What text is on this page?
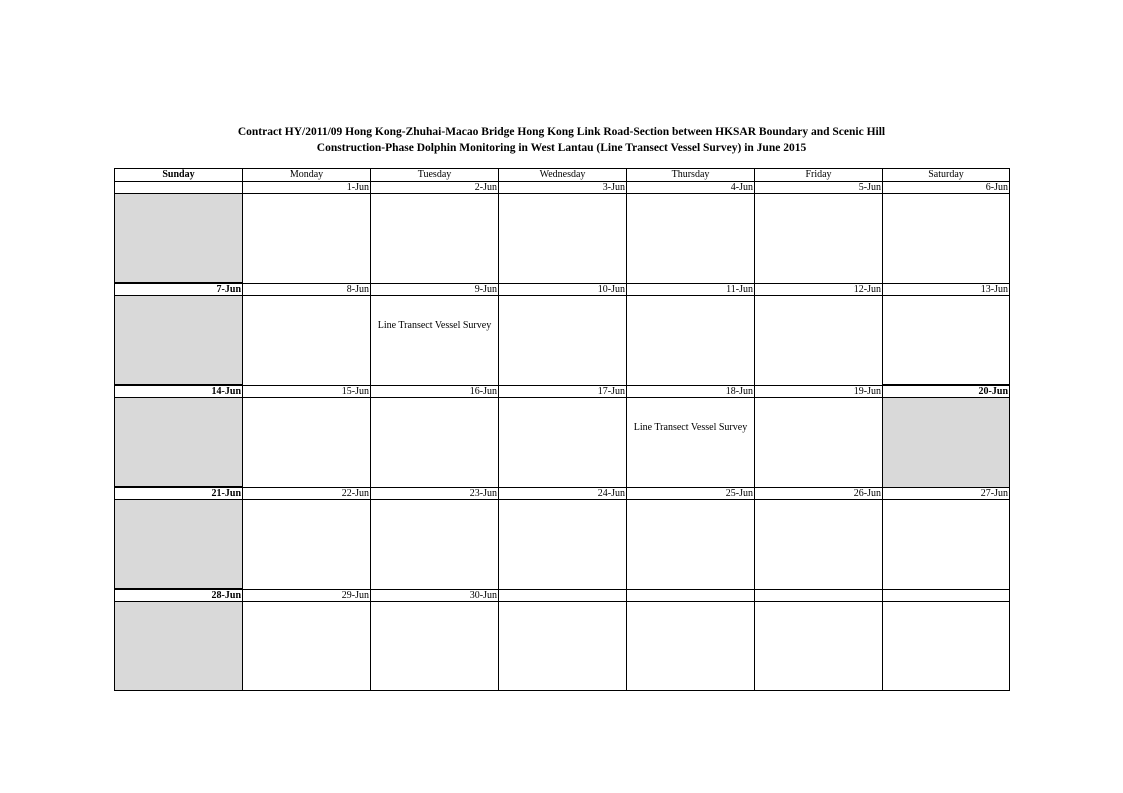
Contract HY/2011/09 Hong Kong-Zhuhai-Macao Bridge Hong Kong Link Road-Section between HKSAR Boundary and Scenic Hill
Construction-Phase Dolphin Monitoring in West Lantau (Line Transect Vessel Survey) in June 2015
Sunday	Monday	Tuesday	Wednesday	Thursday	Friday	Saturday
	1-Jun	2-Jun	3-Jun	4-Jun	5-Jun	6-Jun

7-Jun	8-Jun	9-Jun	10-Jun	11-Jun	12-Jun	13-Jun

		Line Transect Vessel Survey				

14-Jun	15-Jun	16-Jun	17-Jun	18-Jun	19-Jun	20-Jun

				Line Transect Vessel Survey		

21-Jun	22-Jun	23-Jun	24-Jun	25-Jun	26-Jun	27-Jun

28-Jun	29-Jun	30-Jun				
